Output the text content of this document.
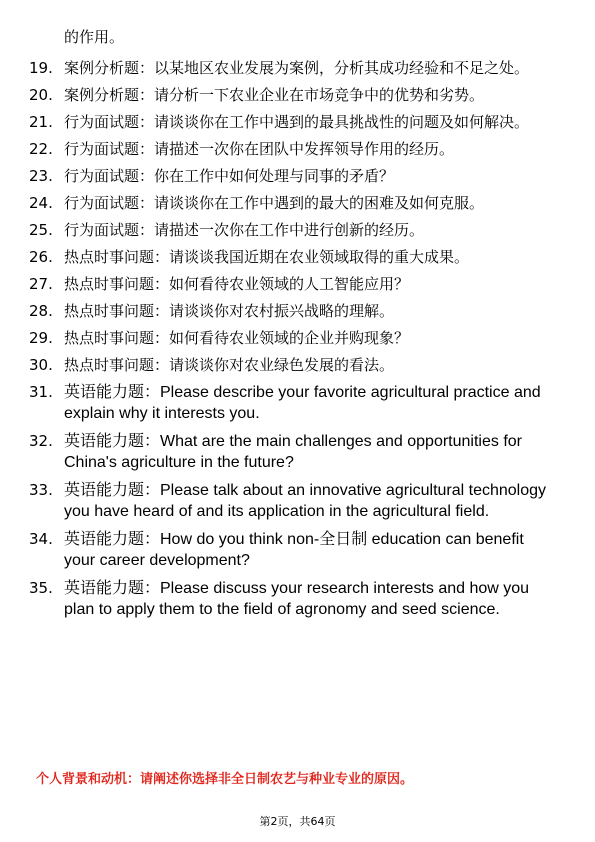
的作用。
19. 案例分析题：以某地区农业发展为案例，分析其成功经验和不足之处。
20. 案例分析题：请分析一下农业企业在市场竞争中的优势和劣势。
21. 行为面试题：请谈谈你在工作中遇到的最具挑战性的问题及如何解决。
22. 行为面试题：请描述一次你在团队中发挥领导作用的经历。
23. 行为面试题：你在工作中如何处理与同事的矛盾？
24. 行为面试题：请谈谈你在工作中遇到的最大的困难及如何克服。
25. 行为面试题：请描述一次你在工作中进行创新的经历。
26. 热点时事问题：请谈谈我国近期在农业领域取得的重大成果。
27. 热点时事问题：如何看待农业领域的人工智能应用？
28. 热点时事问题：请谈谈你对农村振兴战略的理解。
29. 热点时事问题：如何看待农业领域的企业并购现象？
30. 热点时事问题：请谈谈你对农业绿色发展的看法。
31. 英语能力题：Please describe your favorite agricultural practice and explain why it interests you.
32. 英语能力题：What are the main challenges and opportunities for China's agriculture in the future?
33. 英语能力题：Please talk about an innovative agricultural technology you have heard of and its application in the agricultural field.
34. 英语能力题：How do you think non-全日制 education can benefit your career development?
35. 英语能力题：Please discuss your research interests and how you plan to apply them to the field of agronomy and seed science.
个人背景和动机：请阐述你选择非全日制农艺与种业专业的原因。
第2页，共64页
